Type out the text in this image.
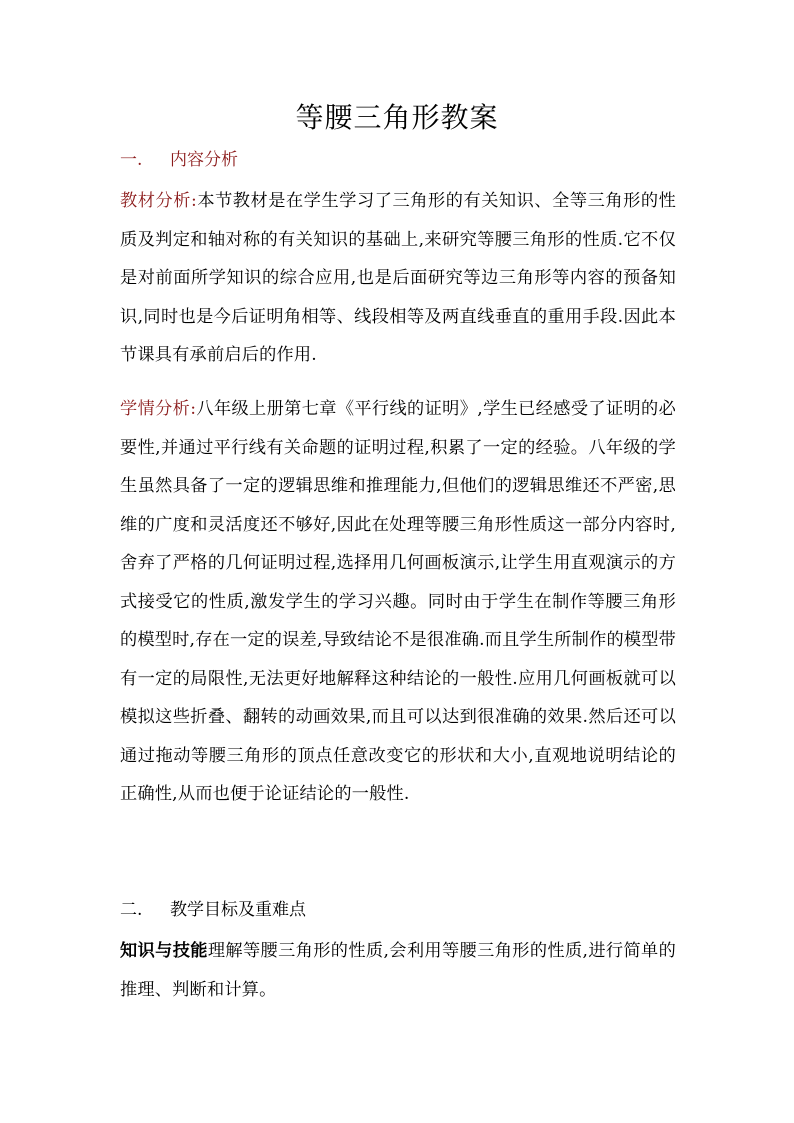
等腰三角形教案
一. 内容分析
教材分析:本节教材是在学生学习了三角形的有关知识、全等三角形的性质及判定和轴对称的有关知识的基础上,来研究等腰三角形的性质.它不仅是对前面所学知识的综合应用,也是后面研究等边三角形等内容的预备知识,同时也是今后证明角相等、线段相等及两直线垂直的重用手段.因此本节课具有承前启后的作用.
学情分析:八年级上册第七章《平行线的证明》,学生已经感受了证明的必要性,并通过平行线有关命题的证明过程,积累了一定的经验。八年级的学生虽然具备了一定的逻辑思维和推理能力,但他们的逻辑思维还不严密,思维的广度和灵活度还不够好,因此在处理等腰三角形性质这一部分内容时,舍弃了严格的几何证明过程,选择用几何画板演示,让学生用直观演示的方式接受它的性质,激发学生的学习兴趣。同时由于学生在制作等腰三角形的模型时,存在一定的误差,导致结论不是很准确.而且学生所制作的模型带有一定的局限性,无法更好地解释这种结论的一般性.应用几何画板就可以模拟这些折叠、翻转的动画效果,而且可以达到很准确的效果.然后还可以通过拖动等腰三角形的顶点任意改变它的形状和大小,直观地说明结论的正确性,从而也便于论证结论的一般性.
二. 教学目标及重难点
知识与技能理解等腰三角形的性质,会利用等腰三角形的性质,进行简单的推理、判断和计算。
